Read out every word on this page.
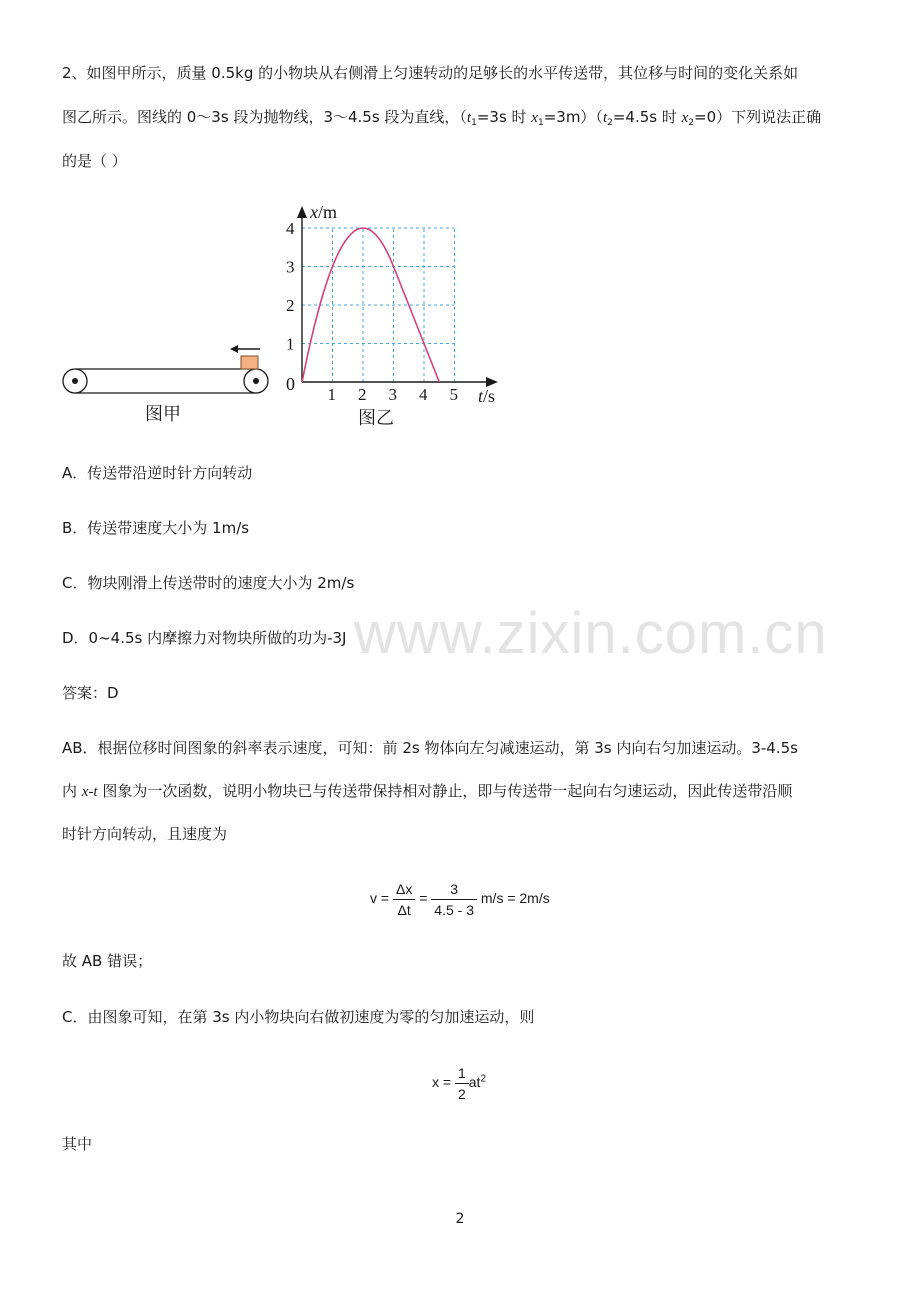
2、如图甲所示，质量 0.5kg 的小物块从右侧滑上匀速转动的足够长的水平传送带，其位移与时间的变化关系如
图乙所示。图线的 0～3s 段为抛物线，3～4.5s 段为直线，（$t_1=3s$ 时 $x_1=3m)(t_2=4.5s$ 时 $x_2=0$）下列说法正确
的是（ ）
图甲
1 2 3 4 5
1
2
3
4
0
x/m
t/s
图乙
A．传送带沿逆时针方向转动
B．传送带速度大小为 1m/s
C．物块刚滑上传送带时的速度大小为 2m/s
D．0~4.5s 内摩擦力对物块所做的功为-3J www.zixin.com.cn
答案：D
AB．根据位移时间图象的斜率表示速度，可知：前 2s 物体向左匀减速运动，第 3s 内向右匀加速运动。3-4.5s
内 x-t 图象为一次函数，说明小物块已与传送带保持相对静止，即与传送带一起向右匀速运动，因此传送带沿顺
时针方向转动，且速度为
$v = \frac{\Delta x}{\Delta t} = \frac{3}{4.5 - 3} m/s = 2m/s$
故 AB 错误；
C．由图象可知，在第 3s 内小物块向右做初速度为零的匀加速运动，则
$x = \frac{1}{2} at^2$
其中
2
